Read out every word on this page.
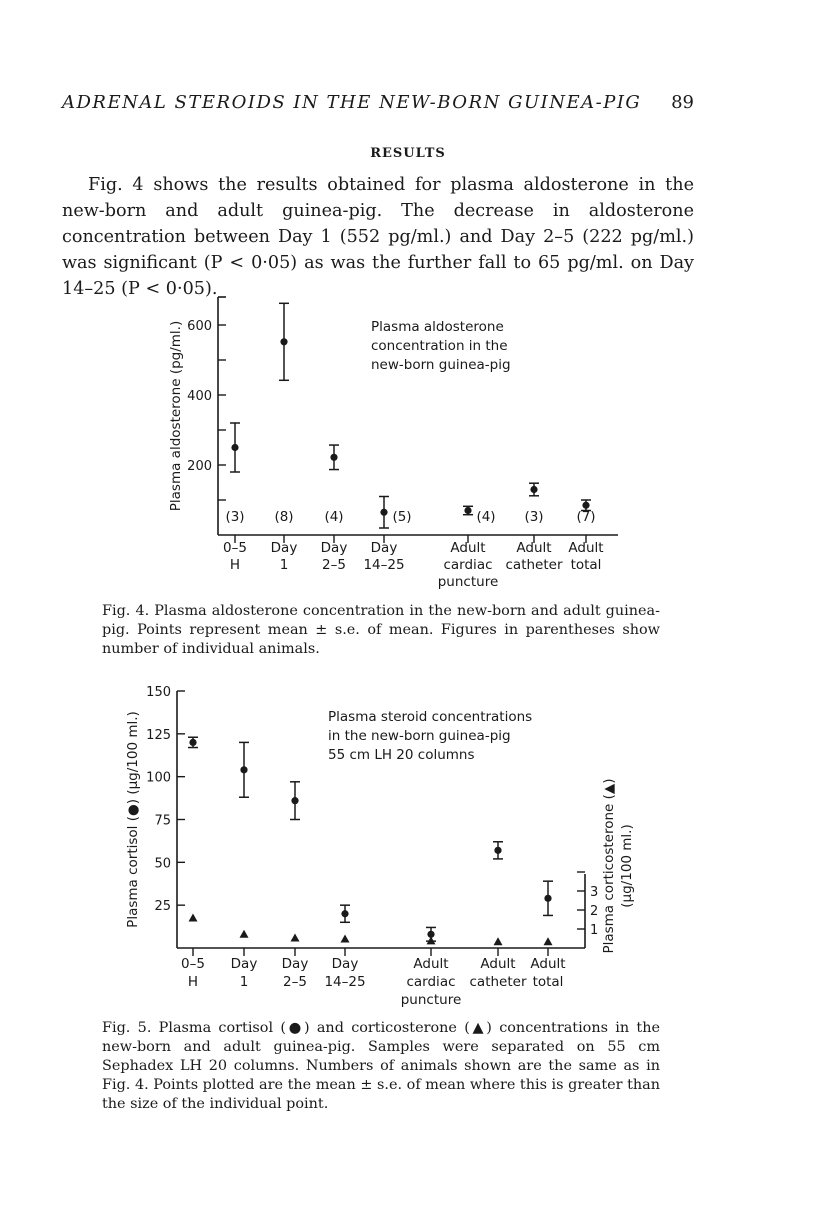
ADRENAL STEROIDS IN THE NEW-BORN GUINEA-PIG 89
RESULTS

Fig. 4 shows the results obtained for plasma aldosterone in the new-born and adult guinea-pig. The decrease in aldosterone concentration between Day 1 (552 pg/ml.) and Day 2–5 (222 pg/ml.) was significant (P < 0·05) as was the further fall to 65 pg/ml. on Day 14–25 (P < 0·05).

200
400
600
Plasma aldosterone (pg/ml.)
0–5
H
Day
1
Day
2–5
Day
14–25
Adult
cardiac
puncture
Adult
catheter
Adult
total
(3) (8) (4)	(5)	(4) (3) (7)
Plasma aldosterone
concentration in the
new-born guinea-pig
Fig. 4. Plasma aldosterone concentration in the new-born and adult guinea-pig. Points represent mean ± s.e. of mean. Figures in parentheses show number of individual animals.
25
50
75
100
125
150
Plasma cortisol (●) (µg/100 ml.)
1
2
3 Plasma corticosterone (▲) (µg/100 ml.)
0–5
H
Day
1
Day
2–5
Day
14–25
Adult
cardiac
puncture
Adult
catheter
Adult
total
Plasma steroid concentrations
in the new-born guinea-pig
55 cm LH 20 columns
Fig. 5. Plasma cortisol (●) and corticosterone (▲) concentrations in the new-born and adult guinea-pig. Samples were separated on 55 cm Sephadex LH 20 columns. Numbers of animals shown are the same as in Fig. 4. Points plotted are the mean ± s.e. of mean where this is greater than the size of the individual point.
